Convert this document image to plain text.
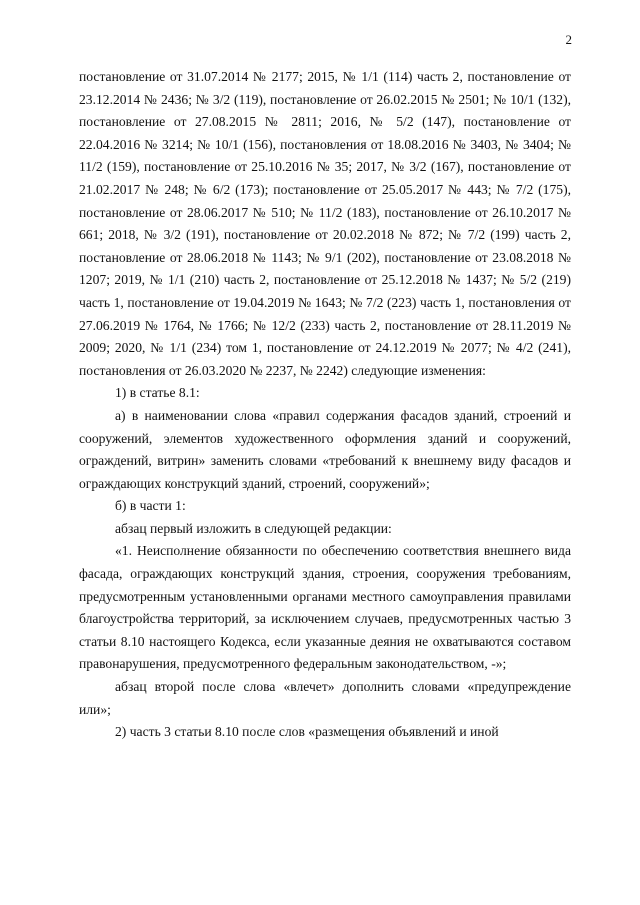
2

постановление от 31.07.2014 № 2177; 2015, № 1/1 (114) часть 2, постановление от 23.12.2014 № 2436; № 3/2 (119), постановление от 26.02.2015 № 2501; № 10/1 (132), постановление от 27.08.2015 № 2811; 2016, № 5/2 (147), постановление от 22.04.2016 № 3214; № 10/1 (156), постановления от 18.08.2016 № 3403, № 3404; № 11/2 (159), постановление от 25.10.2016 № 35; 2017, № 3/2 (167), постановление от 21.02.2017 № 248; № 6/2 (173); постановление от 25.05.2017 № 443; № 7/2 (175), постановление от 28.06.2017 № 510; № 11/2 (183), постановление от 26.10.2017 № 661; 2018, № 3/2 (191), постановление от 20.02.2018 № 872; № 7/2 (199) часть 2, постановление от 28.06.2018 № 1143; № 9/1 (202), постановление от 23.08.2018 № 1207; 2019, № 1/1 (210) часть 2, постановление от 25.12.2018 № 1437; № 5/2 (219) часть 1, постановление от 19.04.2019 № 1643; № 7/2 (223) часть 1, постановления от 27.06.2019 № 1764, № 1766; № 12/2 (233) часть 2, постановление от 28.11.2019 № 2009; 2020, № 1/1 (234) том 1, постановление от 24.12.2019 № 2077; № 4/2 (241), постановления от 26.03.2020 № 2237, № 2242) следующие изменения:

1) в статье 8.1:

а) в наименовании слова «правил содержания фасадов зданий, строений и сооружений, элементов художественного оформления зданий и сооружений, ограждений, витрин» заменить словами «требований к внешнему виду фасадов и ограждающих конструкций зданий, строений, сооружений»;

б) в части 1:

абзац первый изложить в следующей редакции:

«1. Неисполнение обязанности по обеспечению соответствия внешнего вида фасада, ограждающих конструкций здания, строения, сооружения требованиям, предусмотренным установленными органами местного самоуправления правилами благоустройства территорий, за исключением случаев, предусмотренных частью 3 статьи 8.10 настоящего Кодекса, если указанные деяния не охватываются составом правонарушения, предусмотренного федеральным законодательством, -»;

абзац второй после слова «влечет» дополнить словами «предупреждение или»;

2) часть 3 статьи 8.10 после слов «размещения объявлений и иной
